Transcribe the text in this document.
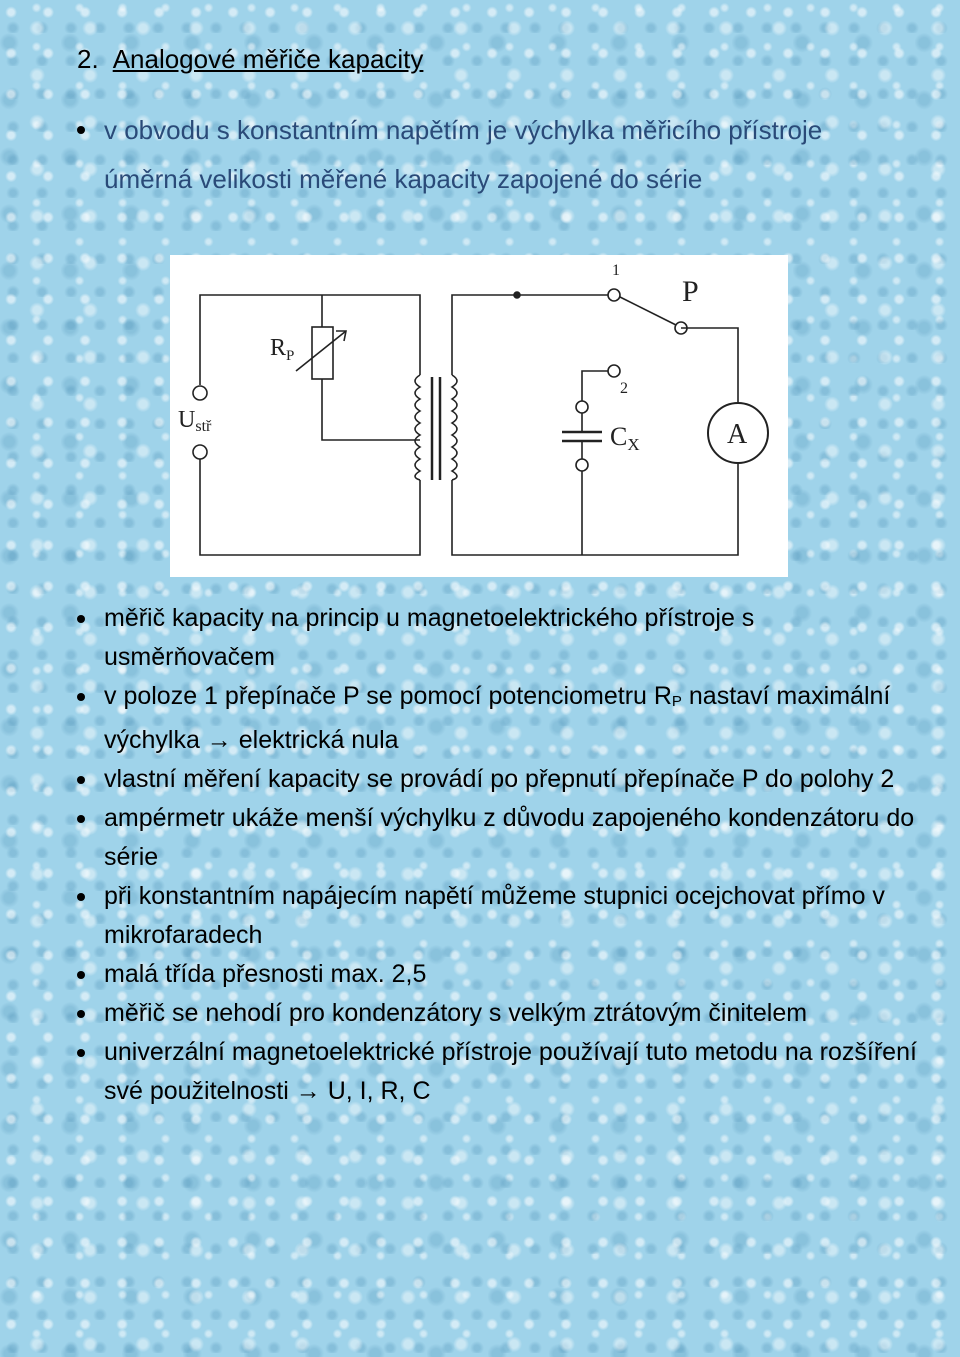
2. Analogové měřiče kapacity
v obvodu s konstantním napětím je výchylka měřicího přístroje úměrná velikosti měřené kapacity zapojené do série
Ustř
$R_P$
1
2
P
CX	A
měřič kapacity na princip u magnetoelektrického přístroje s usměrňovačem
v poloze 1 přepínače P se pomocí potenciometru $R_P$ nastaví maximální výchylka → elektrická nula
vlastní měření kapacity se provádí po přepnutí přepínače P do polohy 2
ampérmetr ukáže menší výchylku z důvodu zapojeného kondenzátoru do série
při konstantním napájecím napětí můžeme stupnici ocejchovat přímo v mikrofaradech
malá třída přesnosti max. 2,5
měřič se nehodí pro kondenzátory s velkým ztrátovým činitelem
univerzální magnetoelektrické přístroje používají tuto metodu na rozšíření své použitelnosti → U, I, R, C
